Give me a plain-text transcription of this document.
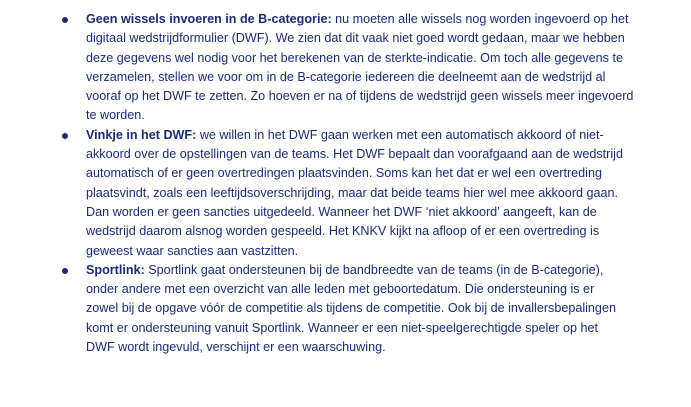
Geen wissels invoeren in de B-categorie: nu moeten alle wissels nog worden ingevoerd op het
digitaal wedstrijdformulier (DWF). We zien dat dit vaak niet goed wordt gedaan, maar we hebben
deze gegevens wel nodig voor het berekenen van de sterkte-indicatie. Om toch alle gegevens te
verzamelen, stellen we voor om in de B-categorie iedereen die deelneemt aan de wedstrijd al
vooraf op het DWF te zetten. Zo hoeven er na of tijdens de wedstrijd geen wissels meer ingevoerd
te worden.
Vinkje in het DWF: we willen in het DWF gaan werken met een automatisch akkoord of niet-
akkoord over de opstellingen van de teams. Het DWF bepaalt dan voorafgaand aan de wedstrijd
automatisch of er geen overtredingen plaatsvinden. Soms kan het dat er wel een overtreding
plaatsvindt, zoals een leeftijdsoverschrijding, maar dat beide teams hier wel mee akkoord gaan.
Dan worden er geen sancties uitgedeeld. Wanneer het DWF ‘niet akkoord’ aangeeft, kan de
wedstrijd daarom alsnog worden gespeeld. Het KNKV kijkt na afloop of er een overtreding is
geweest waar sancties aan vastzitten.
Sportlink: Sportlink gaat ondersteunen bij de bandbreedte van de teams (in de B-categorie),
onder andere met een overzicht van alle leden met geboortedatum. Die ondersteuning is er
zowel bij de opgave vóór de competitie als tijdens de competitie. Ook bij de invallersbepalingen
komt er ondersteuning vanuit Sportlink. Wanneer er een niet-speelgerechtigde speler op het
DWF wordt ingevuld, verschijnt er een waarschuwing.
